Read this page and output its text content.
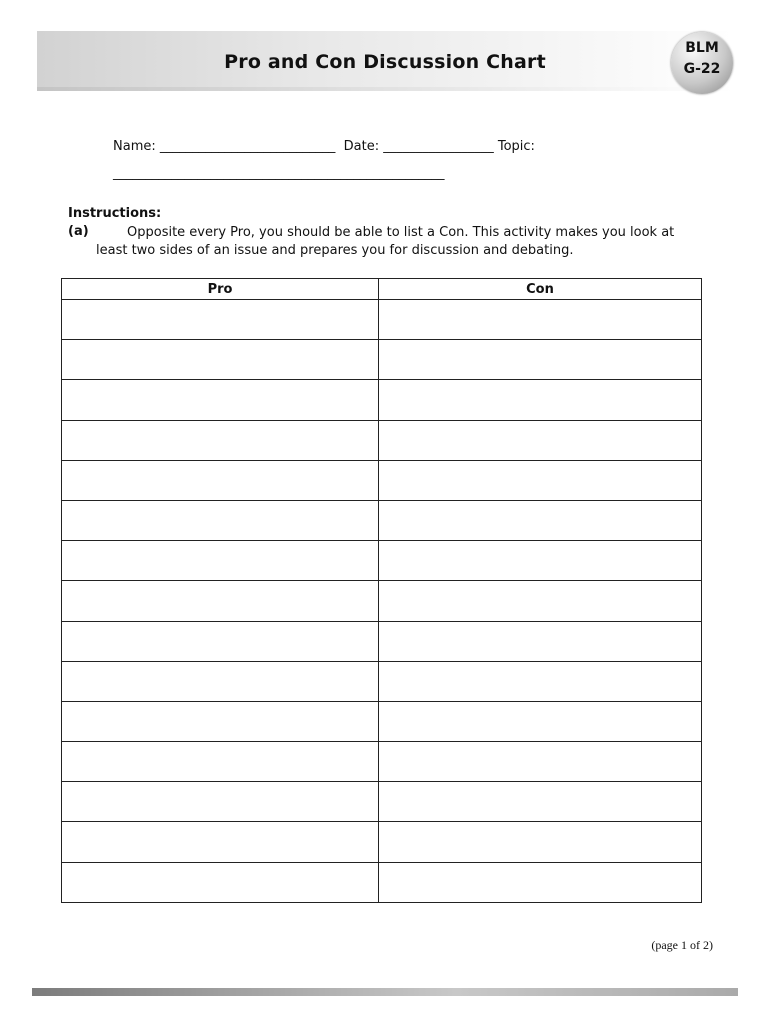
Pro and Con Discussion Chart
BLM
G-22
Name: ___________________________  Date: _________________ Topic:
___________________________________________________
Instructions:
(a)	Opposite every Pro, you should be able to list a Con. This activity makes you look at least two sides of an issue and prepares you for discussion and debating.
Pro	Con

(page 1 of 2)
